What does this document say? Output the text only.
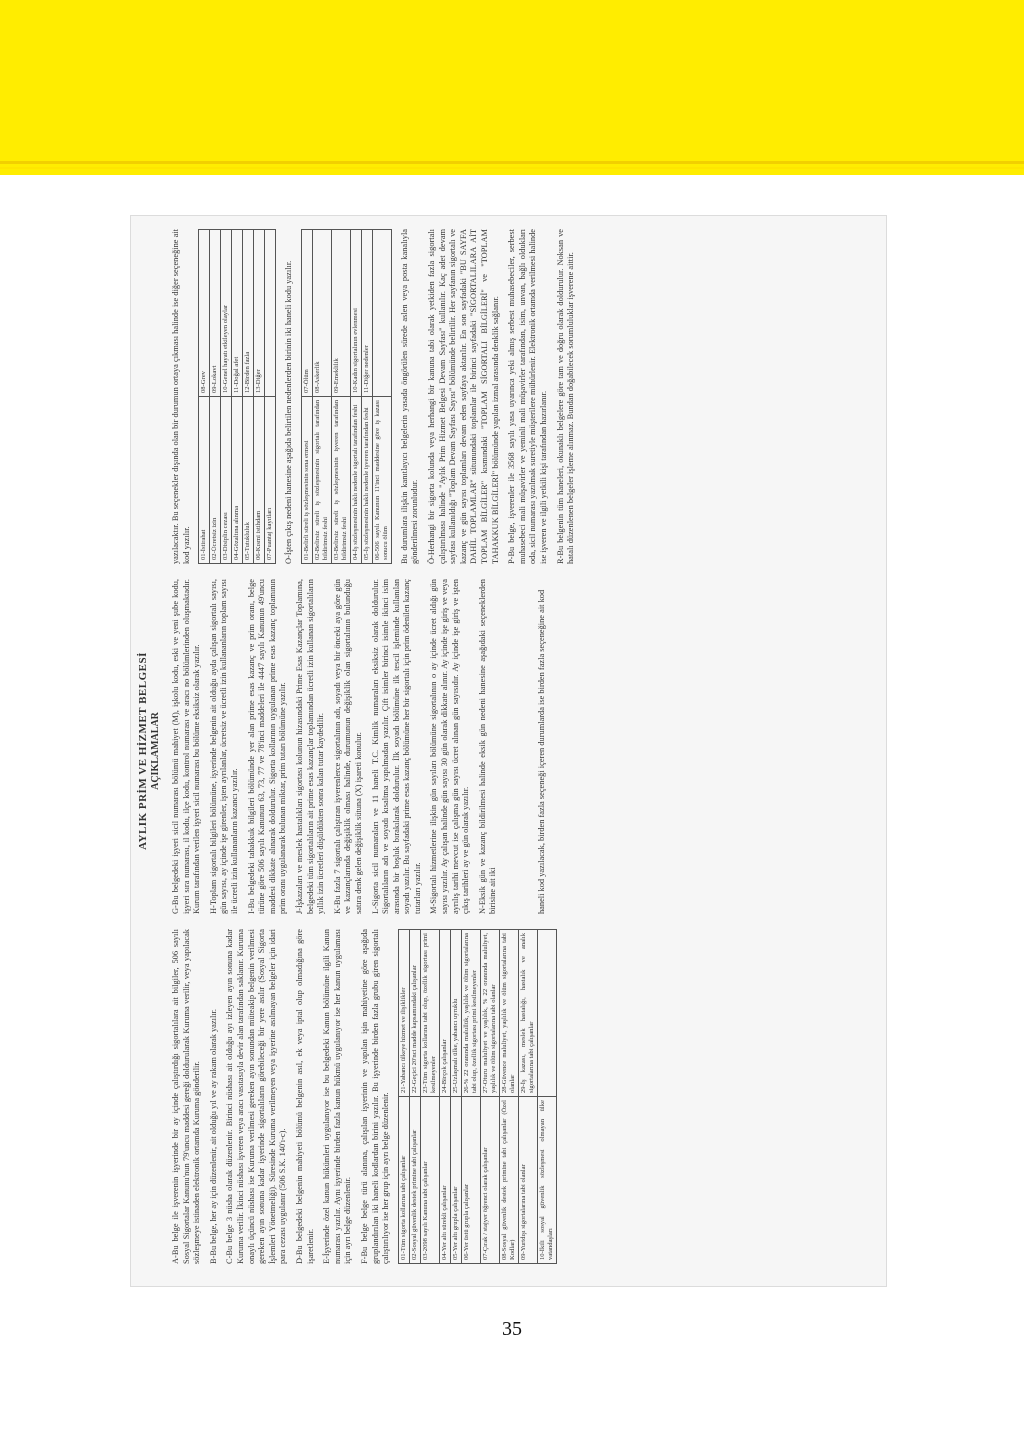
AYLIK PRİM VE HİZMET BELGESİ AÇIKLAMALAR

A-Bu belge ile işverenin işyerinde bir ay içinde çalıştırdığı sigortalılara ait bilgiler, 506 sayılı Sosyal Sigortalar Kanunu'nun 79'uncu maddesi gereği doldurularak Kuruma verilir, veya yapılacak sözleşmeye istinaden elektronik ortamda Kuruma gönderilir. B-Bu belge, her ay için düzenlenir, ait olduğu yıl ve ay rakam olarak yazılır. C-Bu belge 3 nüsha olarak düzenlenir. Birinci nüshası ait olduğu ayı izleyen ayın sonuna kadar Kuruma verilir. İkinci nüshası işveren veya aracı vasıtasıyla devir alan tarafından saklanır. Kuruma onaylı üçüncü nüshası ise Kuruma verilmesi gereken ayın sonundan müteakip belgenin verilmesi gereken ayın sonuna kadar işyerinde sigortalıların görebileceği bir yere asılır (Sosyal Sigorta İşlemleri Yönetmeliği). Süresinde Kuruma verilmeyen veya işyerine asılmayan belgeler için idari para cezası uygulanır (506 S.K. 140'ı-c). D-Bu belgedeki belgenin mahiyeti bölümü belgenin asıl, ek veya iptal olup olmadığına göre işaretlenir. E-İşyerinde özel kanun hükümleri uygulanıyor ise bu belgedeki Kanun bölümüne ilgili Kanun numarası yazılır. Aynı işyerinde birden fazla kanun hükmü uygulanıyor ise her kanun uygulaması için ayrı belge düzenlenir. F-Bu belge belge türü alanına, çalışılan işyerinin ve yapılan işin mahiyetine göre aşağıda gruplandırılan iki haneli kodlardan birini yazılır. Bu işyerinde birden fazla grubu giren sigortalı çalıştırılıyor ise her grup için ayrı belge düzenlenir. 01-Tüm sigorta kollarına tabi çalışanlar	21-Yabancı ülkeye hizmet ve ilişiklikler
02-Sosyal güvenlik destek primine tabi çalışanlar	22-Geçici 20'nci madde kapsamındaki çalışanlar
03-2098 sayılı Kanuna tabi çalışanlar	23-Tüm sigorta kollarına tabi olup, özellik sigortası primi kesilmeyenler
04-Yer altı sürekli çalışanlar	24-Birçok çalışanlar
05-Yer altı grupla çalışanlar	25-Uzlaşmalı ülke, yabancı uyruklu
06-Yer üstü grupla çalışanlar	26-% 22 oranında malullük, yaşlılık ve ölüm sigortalarına tabi olup, özellik sigortası primi kesilmeyenler
07-Çırak / stajyer öğrenci olarak çalışanlar	27-Oturu maluliyet ve yaşlılık, % 22 oranında maluliyet, yaşlılık ve ölüm sigortalarına tabi olanlar
08-Sosyal güvenlik destek primine tabi çalışanlar (Özel Kodlar)	28-Güvence maluliyet, yaşlılık ve ölüm sigortalarına tabi olanlar
09-Yurtdışı sigortalarına tabi olanlar	29-İş kazası, meslek hastalığı, hastalık ve analık sigortalarına tabi çalışanlar
10-İkili sosyal güvenlik sözleşmesi olmayan ülke vatandaşları	

G-Bu belgedeki işyeri sicil numarası bölümü mahiyet (M), işkolu kodu, eski ve yeni şube kodu, işyeri sıra numarası, il kodu, ilçe kodu, kontrol numarası ve aracı no bölümlerinden oluşmaktadır. Kurum tarafından verilen işyeri sicil numarası bu bölüme eksiksiz olarak yazılır. H-Toplam sigortalı bilgileri bölümüne, işyerinde belgenin ait olduğu ayda çalışan sigortalı sayısı, gün sayısı, ay içinde işe girenler, işten ayrılanlar, ücretsiz ve ücretli izin kullananların toplam sayısı ile ücretli izin kullananların kazancı yazılır. I-Bu belgedeki tahakkuk bilgileri bölümünde yer alan prime esas kazanç ve prim oranı, belge türüne göre 506 sayılı Kanunun 63, 73, 77 ve 78'inci maddeleri ile 4447 sayılı Kanunun 49'uncu maddesi dikkate alınarak doldurulur. Sigorta kollarının uygulanan prime esas kazanç toplamının prim oranı uygulanarak bulunan miktar, prim tutarı bölümüne yazılır. J-İşkazaları ve meslek hastalıkları sigortası kolunun hizasındaki Prime Esas Kazançlar Toplamına, belgedeki tüm sigortalıların ait prime esas kazançlar toplamından ücretli izin kullanan sigortalıların yıllık izin ücretleri düşüldükten sonra kalan tutar kaydedilir. K-Bu fazla 7 sigortalı çalıştıran işverenlerce sigortalının adı, soyadı veya bir önceki aya göre gün ve kazançlarında değişiklik olması halinde, durumunun değişiklik olan sigortalının bulunduğu satıra denk gelen değişiklik sütuna (X) işareti konulur. L-Sigorta sicil numaraları ve 11 haneli T.C. Kimlik numaraları eksiksiz olarak doldurulur. Sigortalıların adı ve soyadı kısaltma yapılmadan yazılır. Çift isimler birinci isimle ikinci isim arasında bir boşluk bırakılarak doldurulur. İlk soyadı bölümüne ilk tescil işleminde kullanılan soyadı yazılır. Bu sayfadaki prime esas kazanç bölümüne her bir sigortalı için prim ödenilen kazanç tutarları yazılır. M-Sigortalı hizmetlerine ilişkin gün sayıları bölümüne sigortalının o ay içinde ücret aldığı gün sayısı yazılır. Ay çalışan halinde gün sayısı 30 gün olarak dikkate alınır. Ay içinde işe giriş ve veya ayrılış tarihi mevcut ise çalışma gün sayısı ücret alınan gün sayısıdır. Ay içinde işe giriş ve işten çıkış tarihleri ay ve gün olarak yazılır. N-Eksik gün ve kazanç bildirilmesi halinde eksik gün nedeni hanesine aşağıdaki seçeneklerden birisine ait iki	haneli kod yazılacak, birden fazla seçeneği içeren durumlarda ise birden fazla seçeneğine ait kod

yazılacaktır. Bu seçenekler dışında olan bir durumun ortaya çıkması halinde ise diğer seçeneğine ait kod yazılır. 01-İstirahat	08-Grev
02-Ücretsiz izin	09-Lokavt
03-Disiplin cezası	10-Genel hayatı etkileyen olaylar
04-Gözaltına alınma	11-Doğal afet
05-Tutukluluk	12-Birden fazla
06-Kısmi istihdam	13-Diğer
07-Puantaj kayıtları	O-İşten çıkış nedeni hanesine aşağıda belirtilen nedenlerden birinin iki haneli kodu yazılır. 01-Belirli süreli iş sözleşmesinin sona ermesi	07-Ölüm
02-Belirsiz süreli iş sözleşmesinin sigortalı tarafından bildirimsiz feshi	08-Askerlik
03-Belirsiz süreli iş sözleşmesinin işveren tarafından bildirimsiz feshi	09-Emeklilik
04-İş sözleşmesinin haklı nedenle sigortalı tarafından feshi	10-Kadın sigortalının evlenmesi
05-İş sözleşmesinin haklı nedenle işveren tarafından feshi	11-Diğer nedenler
06-506 sayılı Kanunun 11'inci maddesine göre iş kazası sonucu ölüm	Bu durumlara ilişkin kanıtlayıcı belgelerin yasada öngörülen sürede aslen veya posta kanalıyla gönderilmesi zorunludur. Ö-Herhangi bir sigorta kolunda veya herhangi bir kanuna tabi olarak yetkiden fazla sigortalı çalıştırılması halinde "Aylık Prim Hizmet Belgesi Devam Sayfası" kullanılır. Kaç adet devam sayfası kullanıldığı "Toplam Devam Sayfası Sayısı" bölümünde belirtilir. Her sayfanın sigortalı ve kazanç ve gün sayısı toplamları devam eden sayfaya aktarılır. En son sayfadaki "BU SAYFA DAHİL TOPLAMLAR" sütunundaki toplamlar ile birinci sayfadaki "SİGORTALILARA AİT TOPLAM BİLGİLER" kısmındaki "TOPLAM SİGORTALI BİLGİLERİ" ve "TOPLAM TAHAKKUK BİLGİLERİ" bölümünde yapılan izmal arasında denklik sağlanır. P-Bu belge, işverenler ile 3568 sayılı yasa uyarınca yeki almış serbest muhasebeciler, serbest muhasebeci mali müşavirler ve yeminli mali müşavirler tarafından, isim, unvan, bağlı oldukları oda, sicil numarası yazılmak suretiyle müşterilere mühürlenir. Elektronik ortamda verilmesi halinde ise işveren ve ilgili yetkili kişi tarafından hazırlanır. R-Bu belgenin tüm haneleri, okunaklı belgelere göre tam ve doğru olarak doldurulur. Noksan ve hatalı düzenlenen belgeler işleme alınmaz. Bundan doğabilecek sorumluluklar işverene aittir.

35
